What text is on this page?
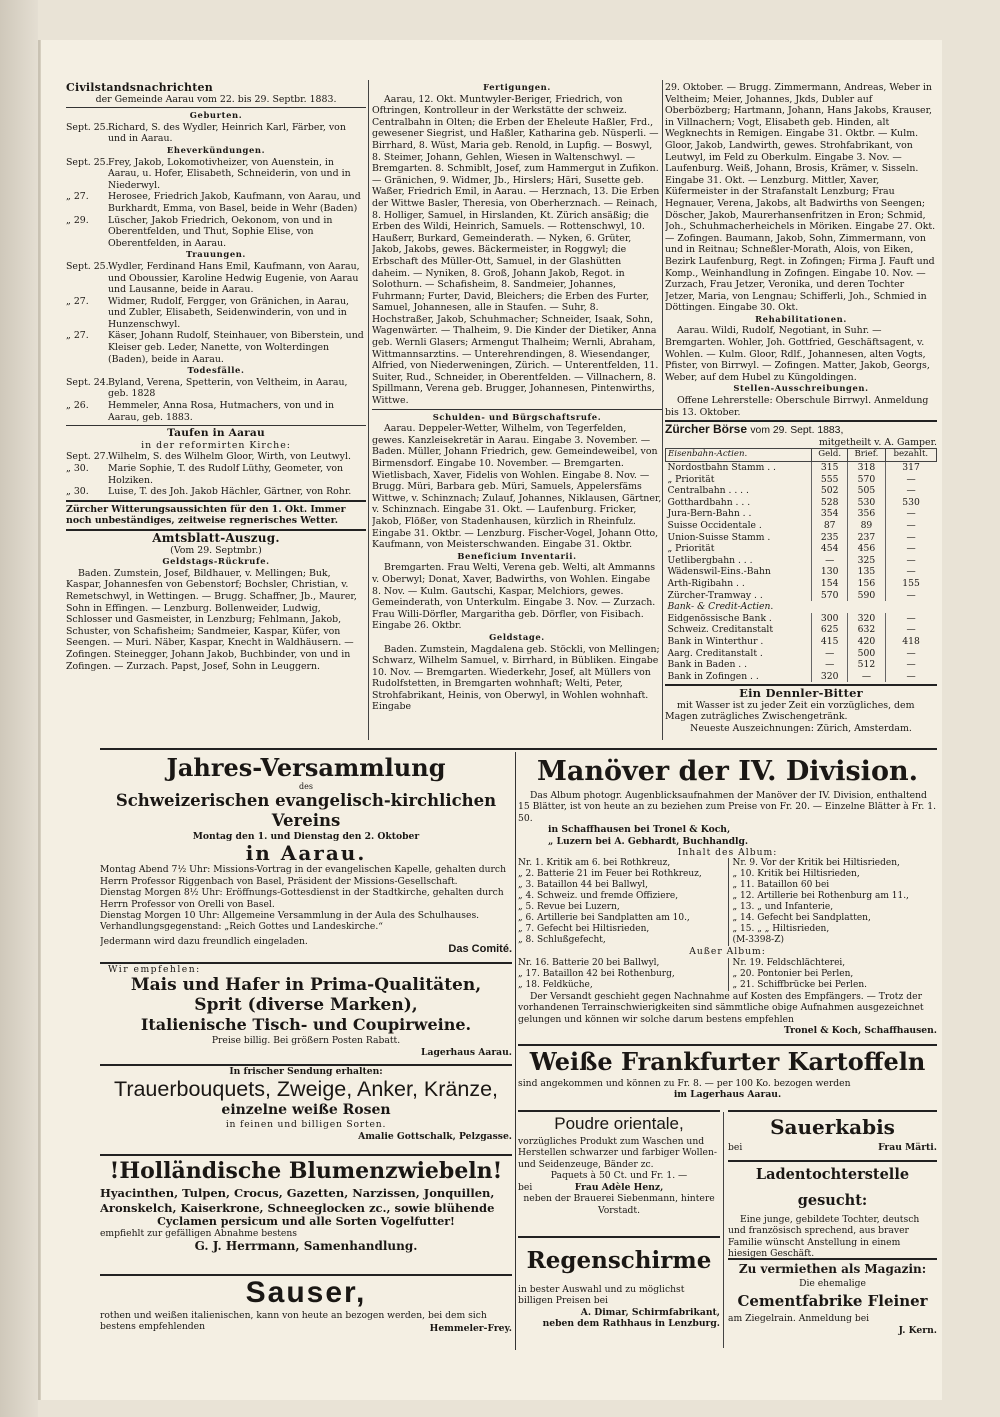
Civilstandsnachrichten
der Gemeinde Aarau vom 22. bis 29. Septbr. 1883.
Geburten.
Sept. 25. Richard, S. des Wydler, Heinrich Karl, Färber, von und in Aarau.
Eheverkündungen.
Sept. 25. Frey, Jakob, Lokomotivheizer, von Auenstein, in Aarau, u. Hofer, Elisabeth, Schneiderin, von und in Niederwyl.
„ 27.	Herosee, Friedrich Jakob, Kaufmann, von Aarau, und Burkhardt, Emma, von Basel, beide in Wehr (Baden)
„ 29.	Lüscher, Jakob Friedrich, Oekonom, von und in Oberentfelden, und Thut, Sophie Elise, von Oberentfelden, in Aarau.
Trauungen.
Sept. 25. Wydler, Ferdinand Hans Emil, Kaufmann, von Aarau, und Oboussier, Karoline Hedwig Eugenie, von Aarau und Lausanne, beide in Aarau.
„ 27.	Widmer, Rudolf, Fergger, von Gränichen, in Aarau, und Zubler, Elisabeth, Seidenwinderin, von und in Hunzenschwyl.
„ 27.	Käser, Johann Rudolf, Steinhauer, von Biberstein, und Kleiser geb. Leder, Nanette, von Wolterdingen (Baden), beide in Aarau.
Todesfälle.
Sept. 24. Byland, Verena, Spetterin, von Veltheim, in Aarau, geb. 1828
„ 26.	Hemmeler, Anna Rosa, Hutmachers, von und in Aarau, geb. 1883.
Taufen in Aarau
in der reformirten Kirche:
Sept. 27. Wilhelm, S. des Wilhelm Gloor, Wirth, von Leutwyl.
„ 30.	Marie Sophie, T. des Rudolf Lüthy, Geometer, von Holziken.
„ 30.	Luise, T. des Joh. Jakob Hächler, Gärtner, von Rohr.

Zürcher Witterungsaussichten für den 1. Okt. Immer noch unbeständiges, zeitweise regnerisches Wetter.

Amtsblatt-Auszug.
(Vom 29. Septmbr.)
Geldstags-Rückrufe.

Baden. Zumstein, Josef, Bildhauer, v. Mellingen; Buk, Kaspar, Johannesfen von Gebenstorf; Bochsler, Christian, v. Remetschwyl, in Wettingen. — Brugg. Schaffner, Jb., Maurer, Sohn in Effingen. — Lenzburg. Bollenweider, Ludwig, Schlosser und Gasmeister, in Lenzburg; Fehlmann, Jakob, Schuster, von Schafisheim; Sandmeier, Kaspar, Küfer, von Seengen. — Muri. Näber, Kaspar, Knecht in Waldhäusern. — Zofingen. Steinegger, Johann Jakob, Buchbinder, von und in Zofingen. — Zurzach. Papst, Josef, Sohn in Leuggern.

Fertigungen.

Aarau, 12. Okt. Muntwyler-Beriger, Friedrich, von Oftringen, Kontrolleur in der Werkstätte der schweiz. Centralbahn in Olten; die Erben der Eheleute Haßler, Frd., gewesener Siegrist, und Haßler, Katharina geb. Nüsperli. — Birrhard, 8. Wüst, Maria geb. Renold, in Lupfig. — Boswyl, 8. Steimer, Johann, Gehlen, Wiesen in Waltenschwyl. — Bremgarten. 8. Schmiblt, Josef, zum Hammergut in Zufikon. — Gränichen, 9. Widmer, Jb., Hirslers; Häri, Susette geb. Waßer, Friedrich Emil, in Aarau. — Herznach, 13. Die Erben der Wittwe Basler, Theresia, von Oberherznach. — Reinach, 8. Holliger, Samuel, in Hirslanden, Kt. Zürich ansäßig; die Erben des Wildi, Heinrich, Samuels. — Rottenschwyl, 10. Haußerr, Burkard, Gemeinderath. — Nyken, 6. Grüter, Jakob, Jakobs, gewes. Bäckermeister, in Roggwyl; die Erbschaft des Müller-Ott, Samuel, in der Glashütten daheim. — Nyniken, 8. Groß, Johann Jakob, Regot. in Solothurn. — Schafisheim, 8. Sandmeier, Johannes, Fuhrmann; Furter, David, Bleichers; die Erben des Furter, Samuel, Johannesen, alle in Staufen. — Suhr, 8. Hochstraßer, Jakob, Schuhmacher; Schneider, Isaak, Sohn, Wagenwärter. — Thalheim, 9. Die Kinder der Dietiker, Anna geb. Wernli Glasers; Armengut Thalheim; Wernli, Abraham, Wittmannsarztins. — Unterehrendingen, 8. Wiesendanger, Alfried, von Niederweningen, Zürich. — Unterentfelden, 11. Suiter, Rud., Schneider, in Oberentfelden. — Villnachern, 8. Spillmann, Verena geb. Brugger, Johannesen, Pintenwirths, Wittwe.

Schulden- und Bürgschaftsrufe.

Aarau. Deppeler-Wetter, Wilhelm, von Tegerfelden, gewes. Kanzleisekretär in Aarau. Eingabe 3. November. — Baden. Müller, Johann Friedrich, gew. Gemeindeweibel, von Birmensdorf. Eingabe 10. November. — Bremgarten. Wietlisbach, Xaver, Fidelis von Wohlen. Eingabe 8. Nov. — Brugg. Müri, Barbara geb. Müri, Samuels, Appelersfäms Wittwe, v. Schinznach; Zulauf, Johannes, Niklausen, Gärtner, v. Schinznach. Eingabe 31. Okt. — Laufenburg. Fricker, Jakob, Flößer, von Stadenhausen, kürzlich in Rheinfulz. Eingabe 31. Oktbr. — Lenzburg. Fischer-Vogel, Johann Otto, Kaufmann, von Meisterschwanden. Eingabe 31. Oktbr.

Beneficium Inventarii.

Bremgarten. Frau Welti, Verena geb. Welti, alt Ammanns v. Oberwyl; Donat, Xaver, Badwirths, von Wohlen. Eingabe 8. Nov. — Kulm. Gautschi, Kaspar, Melchiors, gewes. Gemeinderath, von Unterkulm. Eingabe 3. Nov. — Zurzach. Frau Willi-Dörfler, Margaritha geb. Dörfler, von Fisibach. Eingabe 26. Oktbr.

Geldstage.

Baden. Zumstein, Magdalena geb. Stöckli, von Mellingen; Schwarz, Wilhelm Samuel, v. Birrhard, in Bübliken. Eingabe 10. Nov. — Bremgarten. Wiederkehr, Josef, alt Müllers von Rudolfstetten, in Bremgarten wohnhaft; Welti, Peter, Strohfabrikant, Heinis, von Oberwyl, in Wohlen wohnhaft. Eingabe

29. Oktober. — Brugg. Zimmermann, Andreas, Weber in Veltheim; Meier, Johannes, Jkds, Dubler auf Oberbözberg; Hartmann, Johann, Hans Jakobs, Krauser, in Villnachern; Vogt, Elisabeth geb. Hinden, alt Wegknechts in Remigen. Eingabe 31. Oktbr. — Kulm. Gloor, Jakob, Landwirth, gewes. Strohfabrikant, von Leutwyl, im Feld zu Oberkulm. Eingabe 3. Nov. — Laufenburg. Weiß, Johann, Brosis, Krämer, v. Sisseln. Eingabe 31. Okt. — Lenzburg. Mittler, Xaver, Küfermeister in der Strafanstalt Lenzburg; Frau Hegnauer, Verena, Jakobs, alt Badwirths von Seengen; Döscher, Jakob, Maurerhansenfritzen in Eron; Schmid, Joh., Schuhmacherheichels in Möriken. Eingabe 27. Okt. — Zofingen. Baumann, Jakob, Sohn, Zimmermann, von und in Reitnau; Schneßler-Morath, Alois, von Eiken, Bezirk Laufenburg, Regt. in Zofingen; Firma J. Fauft und Komp., Weinhandlung in Zofingen. Eingabe 10. Nov. — Zurzach, Frau Jetzer, Veronika, und deren Tochter Jetzer, Maria, von Lengnau; Schifferli, Joh., Schmied in Döttingen. Eingabe 30. Okt.

Rehabilitationen.

Aarau. Wildi, Rudolf, Negotiant, in Suhr. — Bremgarten. Wohler, Joh. Gottfried, Geschäftsagent, v. Wohlen. — Kulm. Gloor, Rdlf., Johannesen, alten Vogts, Pfister, von Birrwyl. — Zofingen. Matter, Jakob, Georgs, Weber, auf dem Hubel zu Küngoldingen.

Stellen-Ausschreibungen.

Offene Lehrerstelle: Oberschule Birrwyl. Anmeldung bis 13. Oktober.

Zürcher Börse vom 29. Sept. 1883,
mitgetheilt v. A. Gamper.
Eisenbahn-Actien.	Geld.	Brief.	bezahlt.
Nordostbahn Stamm . .	315	318	317
„ Priorität	555	570	—
Centralbahn . . . .	502	505	—
Gotthardbahn . . .	528	530	530
Jura-Bern-Bahn . .	354	356	—
Suisse Occidentale .	87	89	—
Union-Suisse Stamm .	235	237	—
„ Priorität	454	456	—
Uetlibergbahn . . .	—	325	—
Wädenswil-Eins.-Bahn	130	135	—
Arth-Rigibahn . .	154	156	155
Zürcher-Tramway . .	570	590	—
Bank- & Credit-Actien.			
Eidgenössische Bank .	300	320	—
Schweiz. Creditanstalt	625	632	—
Bank in Winterthur .	415	420	418
Aarg. Creditanstalt .	—	500	—
Bank in Baden . .	—	512	—
Bank in Zofingen . .	320	—	—
Ein Dennler-Bitter

mit Wasser ist zu jeder Zeit ein vorzügliches, dem Magen zuträgliches Zwischengetränk.

Neueste Auszeichnungen: Zürich, Amsterdam.
Jahres-Versammlung
des
Schweizerischen evangelisch-kirchlichen Vereins
Montag den 1. und Dienstag den 2. Oktober
in Aarau.

Montag Abend 7½ Uhr: Missions-Vortrag in der evangelischen Kapelle, gehalten durch Herrn Professor Riggenbach von Basel, Präsident der Missions-Gesellschaft.

Dienstag Morgen 8½ Uhr: Eröffnungs-Gottesdienst in der Stadtkirche, gehalten durch Herrn Professor von Orelli von Basel.

Dienstag Morgen 10 Uhr: Allgemeine Versammlung in der Aula des Schulhauses. Verhandlungsgegenstand: „Reich Gottes und Landeskirche.“

Jedermann wird dazu freundlich eingeladen.

Das Comité.
Wir empfehlen:
Mais und Hafer in Prima-Qualitäten,
Sprit (diverse Marken),
Italienische Tisch- und Coupirweine.
Preise billig. Bei größern Posten Rabatt.
Lagerhaus Aarau.
In frischer Sendung erhalten:
Trauerbouquets, Zweige, Anker, Kränze,
einzelne weiße Rosen
in feinen und billigen Sorten.
Amalie Gottschalk, Pelzgasse.
!Holländische Blumenzwiebeln!

Hyacinthen, Tulpen, Crocus, Gazetten, Narzissen, Jonquillen, Aronskelch, Kaiserkrone, Schneeglocken zc., sowie blühende

Cyclamen persicum und alle Sorten Vogelfutter!
empfiehlt zur gefälligen Abnahme bestens
G. J. Herrmann, Samenhandlung.
Sauser,

rothen und weißen italienischen, kann von heute an bezogen werden, bei dem sich bestens empfehlenden	Hemmeler-Frey.
Manöver der IV. Division.

Das Album photogr. Augenblicksaufnahmen der Manöver der IV. Division, enthaltend 15 Blätter, ist von heute an zu beziehen zum Preise von Fr. 20. — Einzelne Blätter à Fr. 1. 50.

in Schaffhausen bei Tronel & Koch,
„ Luzern bei A. Gebhardt, Buchhandlg.
Inhalt des Album:
Nr. 1. Kritik am 6. bei Rothkreuz,
„ 2. Batterie 21 im Feuer bei Rothkreuz,
„ 3. Bataillon 44 bei Ballwyl,
„ 4. Schweiz. und fremde Offiziere,
„ 5. Revue bei Luzern,
„ 6. Artillerie bei Sandplatten am 10.,
„ 7. Gefecht bei Hiltisrieden,
„ 8. Schlußgefecht,
Nr. 9. Vor der Kritik bei Hiltisrieden,
„ 10. Kritik bei Hiltisrieden,
„ 11. Bataillon 60 bei
„ 12. Artillerie bei Rothenburg am 11.,
„ 13. „ und Infanterie,
„ 14. Gefecht bei Sandplatten,
„ 15. „ „ Hiltisrieden,
(M-3398-Z)
Außer Album:
Nr. 16. Batterie 20 bei Ballwyl,
„ 17. Bataillon 42 bei Rothenburg,
„ 18. Feldküche,
Nr. 19. Feldschlächterei,
„ 20. Pontonier bei Perlen,
„ 21. Schiffbrücke bei Perlen.

Der Versandt geschieht gegen Nachnahme auf Kosten des Empfängers. — Trotz der vorhandenen Terrainschwierigkeiten sind sämmtliche obige Aufnahmen ausgezeichnet gelungen und können wir solche darum bestens empfehlen

Tronel & Koch, Schaffhausen.
Weiße Frankfurter Kartoffeln

sind angekommen und können zu Fr. 8. — per 100 Ko. bezogen werden

im Lagerhaus Aarau.
Poudre orientale,

vorzügliches Produkt zum Waschen und Herstellen schwarzer und farbiger Wollen- und Seidenzeuge, Bänder zc.

Paquets à 50 Ct. und Fr. 1. —
bei	Frau Adèle Henz,
neben der Brauerei Siebenmann, hintere Vorstadt.
Regenschirme

in bester Auswahl und zu möglichst billigen Preisen bei

A. Dimar, Schirmfabrikant,
neben dem Rathhaus in Lenzburg.
Sauerkabis
bei	Frau Märti.
Ladentochterstelle gesucht:

Eine junge, gebildete Tochter, deutsch und französisch sprechend, aus braver Familie wünscht Anstellung in einem hiesigen Geschäft.

Zu vermiethen als Magazin:
Die ehemalige
Cementfabrike Fleiner
am Ziegelrain. Anmeldung bei
J. Kern.
